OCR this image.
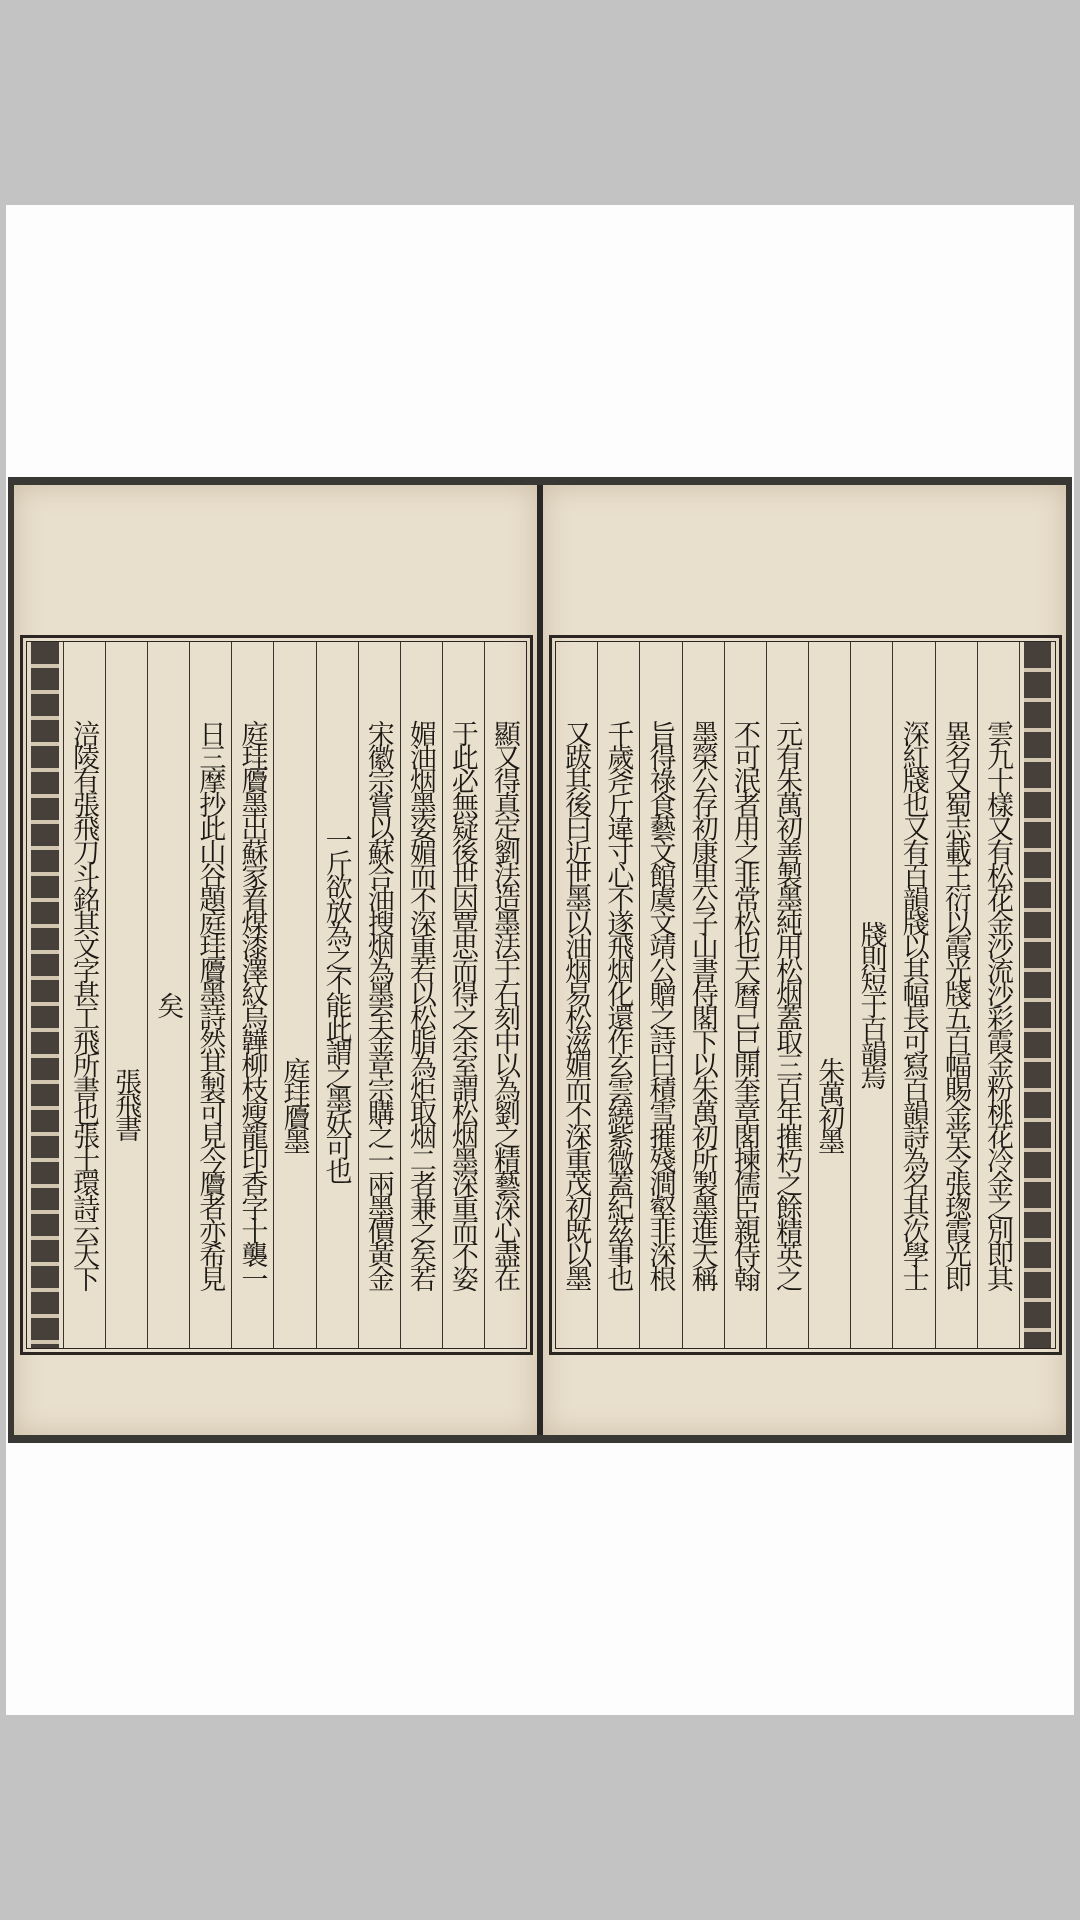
顯又得真定劉法造墨法于石刻中以為劉之精藝深心盡在
于此必無疑後世因覃思而得之余室謂松烟墨深重而不姿
媚油烟墨姿媚而不深重若以松脂為炬取烟二者兼之矣若
宋徽宗嘗以蘇合油搜烟為墨至金章宗購之一兩墨價黃金
一斤欲放為之不能此謂之墨妖可也
庭珪贗墨
庭珪贗墨出蘇家㸔煤漆澤紋烏韡柳枝瘦龍印香字十襲一
日三摩抄此山谷題庭珪贗墨詩然其製可見今贗者亦希見
矣
張飛書
涪陵有張飛刀斗銘其文字甚工飛所書也張士環詩云天下	雲九十樣又有松花金沙流沙彩霞金粉桃花冷金之別即其
異名又蜀志載王衍以霞光牋五百幅賜金堂令張𤧚霞光即
深紅牋也又有百韻牋以其幅長可寫百韻詩為名其次學士
牋則短于百韻焉
朱萬初墨
元有朱萬初善製墨純用松烟蓋取三百年摧朽之餘精英之
不可泯者用之非常松也天曆己巳開奎章閣揀儒臣親侍翰
墨榮公存初康里公子山書侍閣下以朱萬初所製墨進天稱
旨得祿食藝文館虞文靖公贈之詩曰積雪摧殘澗壑非深根
千歲斧斤違寸心不遂飛烟化還作玄雲繞紫微蓋紀茲事也
又跋其後曰近世墨以油烟易松滋媚而不深重茂初既以墨
